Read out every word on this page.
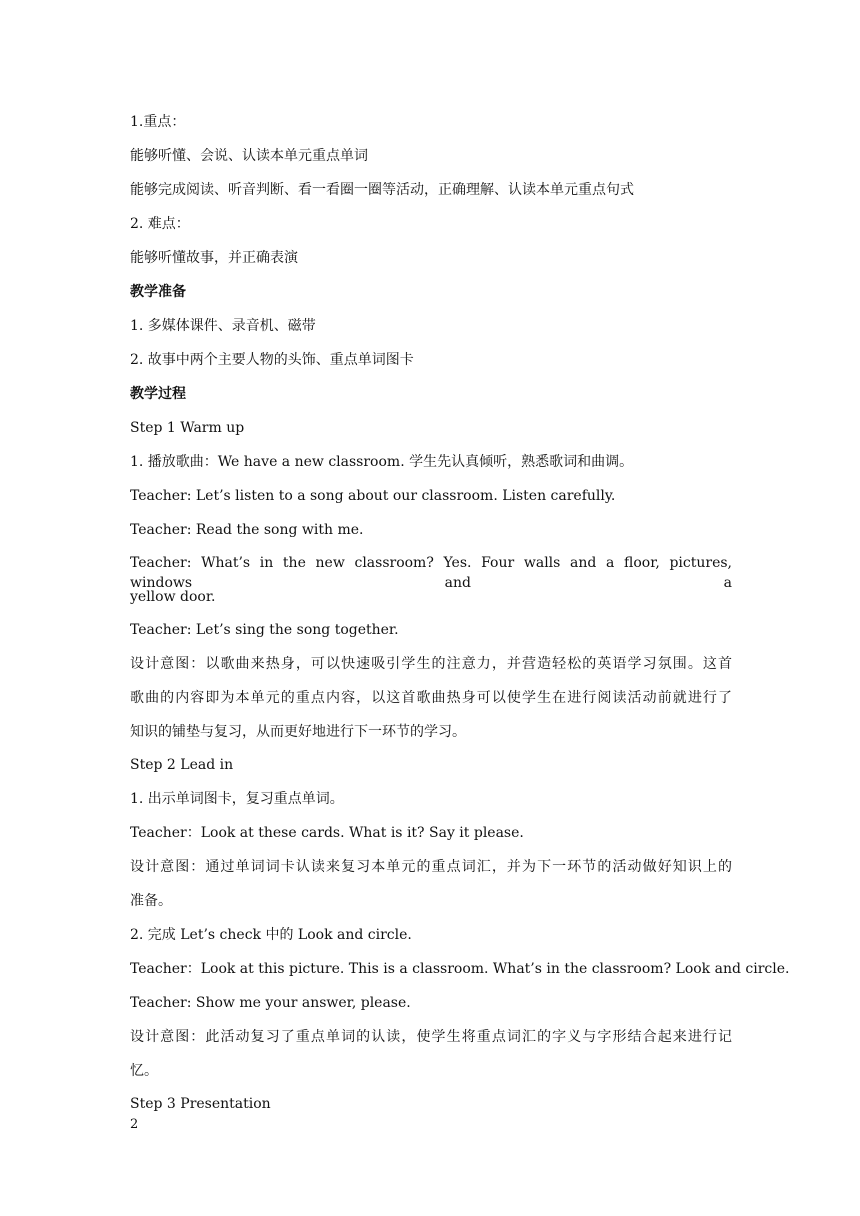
1.重点：
能够听懂、会说、认读本单元重点单词
能够完成阅读、听音判断、看一看圈一圈等活动，正确理解、认读本单元重点句式
2. 难点：
能够听懂故事，并正确表演
教学准备
1. 多媒体课件、录音机、磁带
2. 故事中两个主要人物的头饰、重点单词图卡
教学过程
Step 1 Warm up
1. 播放歌曲：We have a new classroom. 学生先认真倾听，熟悉歌词和曲调。
Teacher: Let’s listen to a song about our classroom. Listen carefully.
Teacher: Read the song with me.
Teacher: What’s in the new classroom? Yes. Four walls and a floor, pictures, windows and a
yellow door.
Teacher: Let’s sing the song together.
设计意图：以歌曲来热身，可以快速吸引学生的注意力，并营造轻松的英语学习氛围。这首
歌曲的内容即为本单元的重点内容，以这首歌曲热身可以使学生在进行阅读活动前就进行了
知识的铺垫与复习，从而更好地进行下一环节的学习。
Step 2 Lead in
1. 出示单词图卡，复习重点单词。
Teacher：Look at these cards. What is it? Say it please.
设计意图：通过单词词卡认读来复习本单元的重点词汇，并为下一环节的活动做好知识上的
准备。
2. 完成 Let’s check 中的 Look and circle.
Teacher：Look at this picture. This is a classroom. What’s in the classroom? Look and circle.
Teacher: Show me your answer, please.
设计意图：此活动复习了重点单词的认读，使学生将重点词汇的字义与字形结合起来进行记
忆。
Step 3 Presentation
2
